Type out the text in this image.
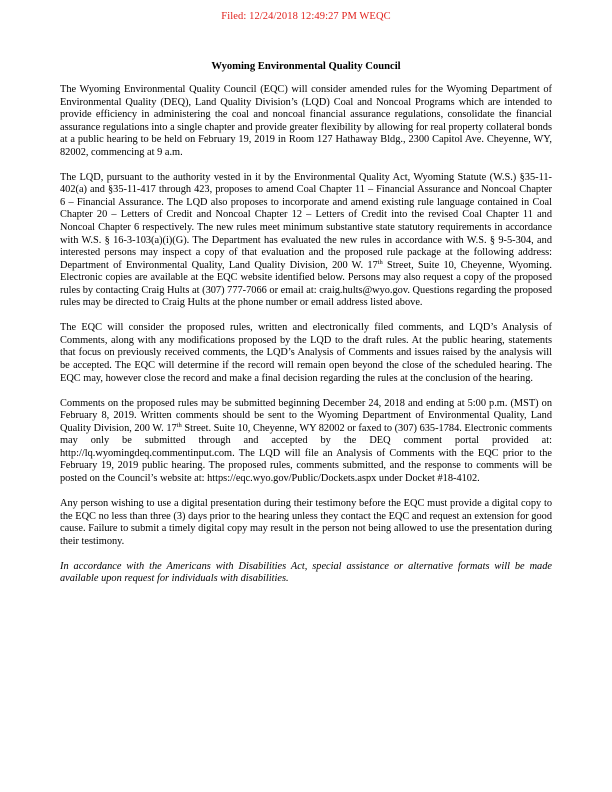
Filed: 12/24/2018 12:49:27 PM WEQC
Wyoming Environmental Quality Council

The Wyoming Environmental Quality Council (EQC) will consider amended rules for the Wyoming Department of Environmental Quality (DEQ), Land Quality Division’s (LQD) Coal and Noncoal Programs which are intended to provide efficiency in administering the coal and noncoal financial assurance regulations, consolidate the financial assurance regulations into a single chapter and provide greater flexibility by allowing for real property collateral bonds at a public hearing to be held on February 19, 2019 in Room 127 Hathaway Bldg., 2300 Capitol Ave. Cheyenne, WY, 82002, commencing at 9 a.m.

The LQD, pursuant to the authority vested in it by the Environmental Quality Act, Wyoming Statute (W.S.) §35-11-402(a) and §35-11-417 through 423, proposes to amend Coal Chapter 11 – Financial Assurance and Noncoal Chapter 6 – Financial Assurance. The LQD also proposes to incorporate and amend existing rule language contained in Coal Chapter 20 – Letters of Credit and Noncoal Chapter 12 – Letters of Credit into the revised Coal Chapter 11 and Noncoal Chapter 6 respectively. The new rules meet minimum substantive state statutory requirements in accordance with W.S. § 16-3-103(a)(i)(G). The Department has evaluated the new rules in accordance with W.S. § 9-5-304, and interested persons may inspect a copy of that evaluation and the proposed rule package at the following address: Department of Environmental Quality, Land Quality Division, 200 W. 17th Street, Suite 10, Cheyenne, Wyoming. Electronic copies are available at the EQC website identified below. Persons may also request a copy of the proposed rules by contacting Craig Hults at (307) 777-7066 or email at: craig.hults@wyo.gov. Questions regarding the proposed rules may be directed to Craig Hults at the phone number or email address listed above.

The EQC will consider the proposed rules, written and electronically filed comments, and LQD’s Analysis of Comments, along with any modifications proposed by the LQD to the draft rules. At the public hearing, statements that focus on previously received comments, the LQD’s Analysis of Comments and issues raised by the analysis will be accepted. The EQC will determine if the record will remain open beyond the close of the scheduled hearing. The EQC may, however close the record and make a final decision regarding the rules at the conclusion of the hearing.

Comments on the proposed rules may be submitted beginning December 24, 2018 and ending at 5:00 p.m. (MST) on February 8, 2019. Written comments should be sent to the Wyoming Department of Environmental Quality, Land Quality Division, 200 W. 17th Street. Suite 10, Cheyenne, WY 82002 or faxed to (307) 635-1784. Electronic comments may only be submitted through and accepted by the DEQ comment portal provided at: http://lq.wyomingdeq.commentinput.com. The LQD will file an Analysis of Comments with the EQC prior to the February 19, 2019 public hearing. The proposed rules, comments submitted, and the response to comments will be posted on the Council’s website at: https://eqc.wyo.gov/Public/Dockets.aspx under Docket #18-4102.

Any person wishing to use a digital presentation during their testimony before the EQC must provide a digital copy to the EQC no less than three (3) days prior to the hearing unless they contact the EQC and request an extension for good cause. Failure to submit a timely digital copy may result in the person not being allowed to use the presentation during their testimony.

In accordance with the Americans with Disabilities Act, special assistance or alternative formats will be made available upon request for individuals with disabilities.
